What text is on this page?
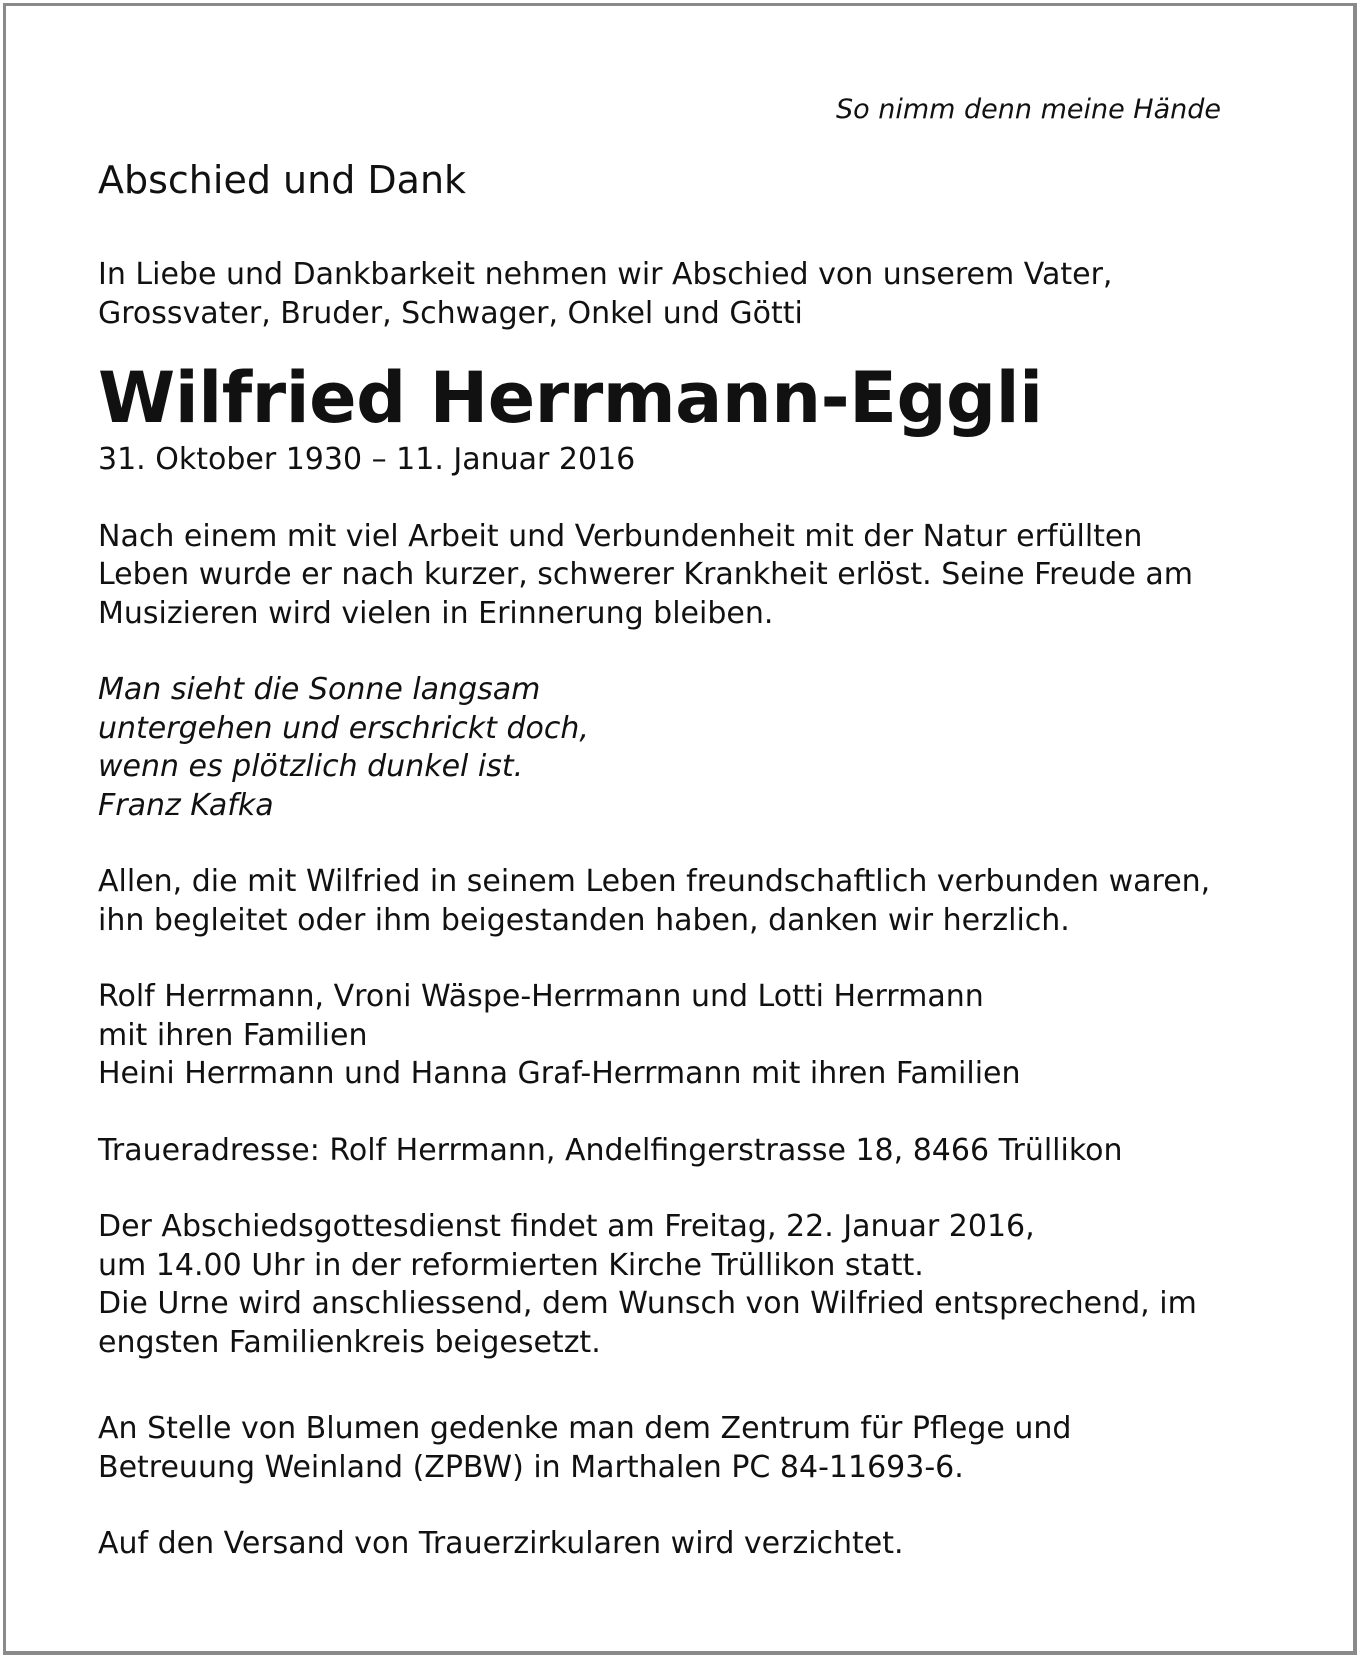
So nimm denn meine Hände

Abschied und Dank

In Liebe und Dankbarkeit nehmen wir Abschied von unserem Vater,
Grossvater, Bruder, Schwager, Onkel und Götti

Wilfried Herrmann-Eggli

31. Oktober 1930 – 11. Januar 2016

Nach einem mit viel Arbeit und Verbundenheit mit der Natur erfüllten
Leben wurde er nach kurzer, schwerer Krankheit erlöst. Seine Freude am
Musizieren wird vielen in Erinnerung bleiben.

Man sieht die Sonne langsam
untergehen und erschrickt doch,
wenn es plötzlich dunkel ist.
Franz Kafka

Allen, die mit Wilfried in seinem Leben freundschaftlich verbunden waren,
ihn begleitet oder ihm beigestanden haben, danken wir herzlich.

Rolf Herrmann, Vroni Wäspe-Herrmann und Lotti Herrmann
mit ihren Familien
Heini Herrmann und Hanna Graf-Herrmann mit ihren Familien

Traueradresse: Rolf Herrmann, Andelfingerstrasse 18, 8466 Trüllikon

Der Abschiedsgottesdienst findet am Freitag, 22. Januar 2016,
um 14.00 Uhr in der reformierten Kirche Trüllikon statt.
Die Urne wird anschliessend, dem Wunsch von Wilfried entsprechend, im
engsten Familienkreis beigesetzt.

An Stelle von Blumen gedenke man dem Zentrum für Pflege und
Betreuung Weinland (ZPBW) in Marthalen PC 84-11693-6.

Auf den Versand von Trauerzirkularen wird verzichtet.
